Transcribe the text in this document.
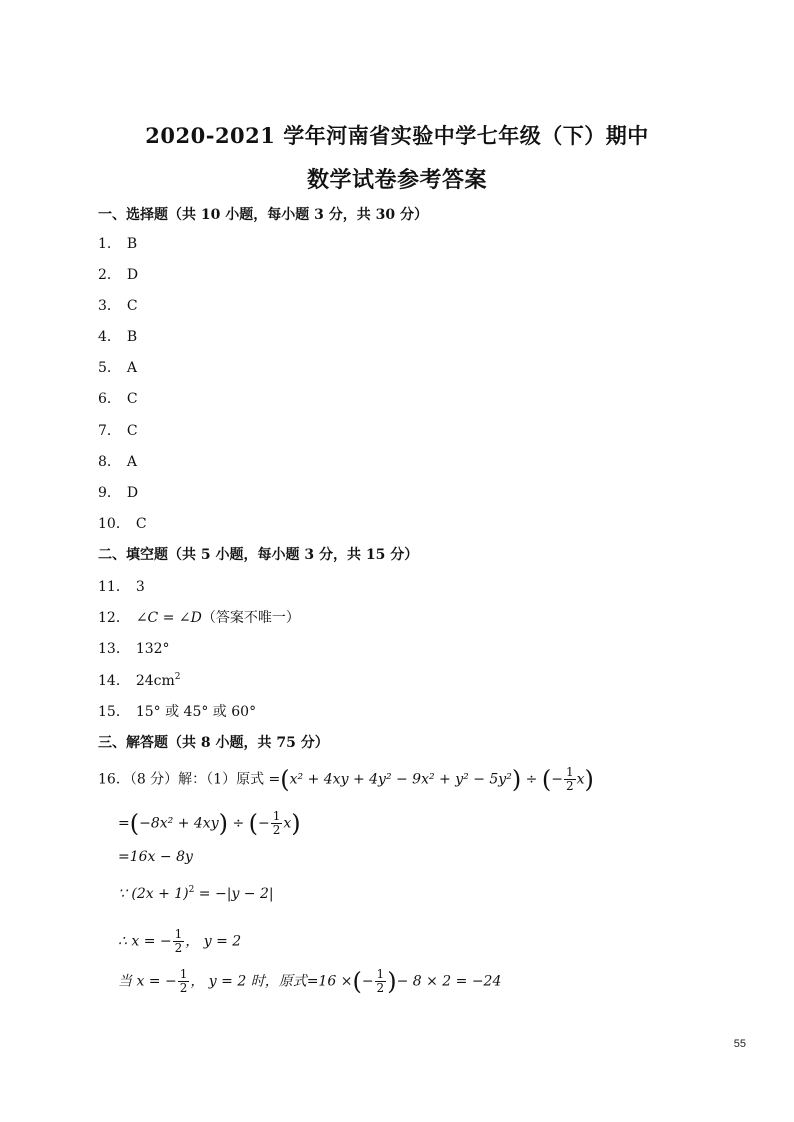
2020-2021 学年河南省实验中学七年级（下）期中
数学试卷参考答案
一、选择题（共 10 小题，每小题 3 分，共 30 分）
1． B
2． D
3． C
4． B
5． A
6． C
7． C
8． A
9． D
10． C
二、填空题（共 5 小题，每小题 3 分，共 15 分）
11． 3
12． ∠C = ∠D（答案不唯一）
13． 132°
14． $24cm^2$
15． 15° 或 45° 或 60°
三、解答题（共 8 小题，共 75 分）
16．（8 分）解：（1）原式 =(x² + 4xy + 4y² − 9x² + y² − 5y²) ÷ (− $\frac{1}{2} x$)
=(−8x² + 4xy) ÷ (− $\frac{1}{2} x$)
=16x − 8y
∵ $(2x + 1)^2 = -|y - 2|$
∴ x = − $\frac{1}{2}$ ， y = 2
当 x = − $\frac{1}{2}$ ， y = 2 时，原式=16 ×(− $\frac{1}{2}$ )− 8 × 2 = −24
55
